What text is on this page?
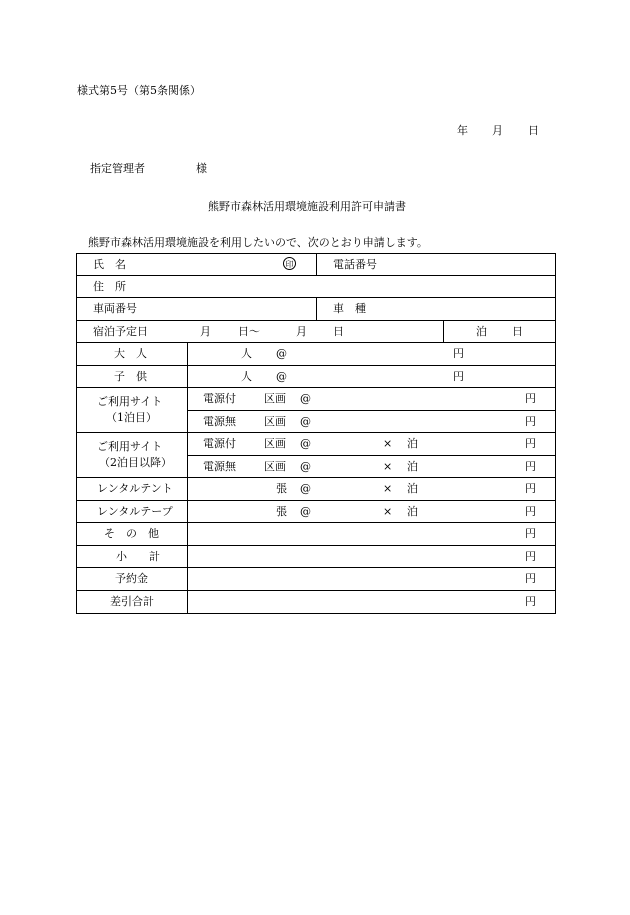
様式第5号（第5条関係）
年 月 日
指定管理者	様
熊野市森林活用環境施設利用許可申請書
熊野市森林活用環境施設を利用したいので、次のとおり申請します。
氏　名	印	電話番号
住　所
車両番号	車　種
宿泊予定日	月 日～	月 日	泊 日
大　人	人 @	円
子　供	人 @	円
ご利用サイト
（1泊目）
電源付	区画 @	円
電源無	区画 @	円
ご利用サイト
（2泊目以降）
電源付	区画 @	× 泊	円
電源無	区画 @	× 泊	円
レンタルテント	張 @	× 泊	円
レンタルテープ	張 @	× 泊	円
そ　の　他	円
小　　計	円
予約金	円
差引合計	円
